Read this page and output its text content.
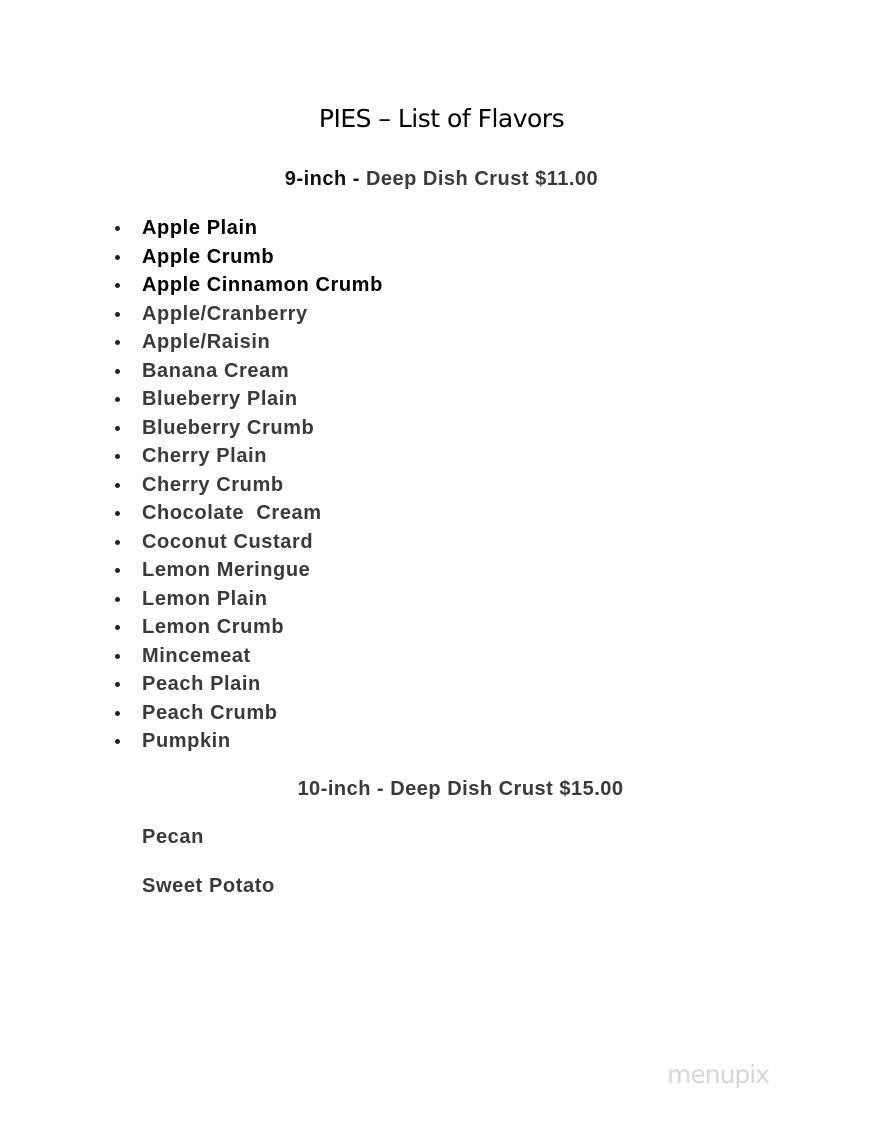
PIES – List of Flavors
9-inch - Deep Dish Crust $11.00
Apple Plain
Apple Crumb
Apple Cinnamon Crumb
Apple/Cranberry
Apple/Raisin
Banana Cream
Blueberry Plain
Blueberry Crumb
Cherry Plain
Cherry Crumb
Chocolate  Cream
Coconut Custard
Lemon Meringue
Lemon Plain
Lemon Crumb
Mincemeat
Peach Plain
Peach Crumb
Pumpkin
10-inch - Deep Dish Crust $15.00
Pecan
Sweet Potato
menupix
